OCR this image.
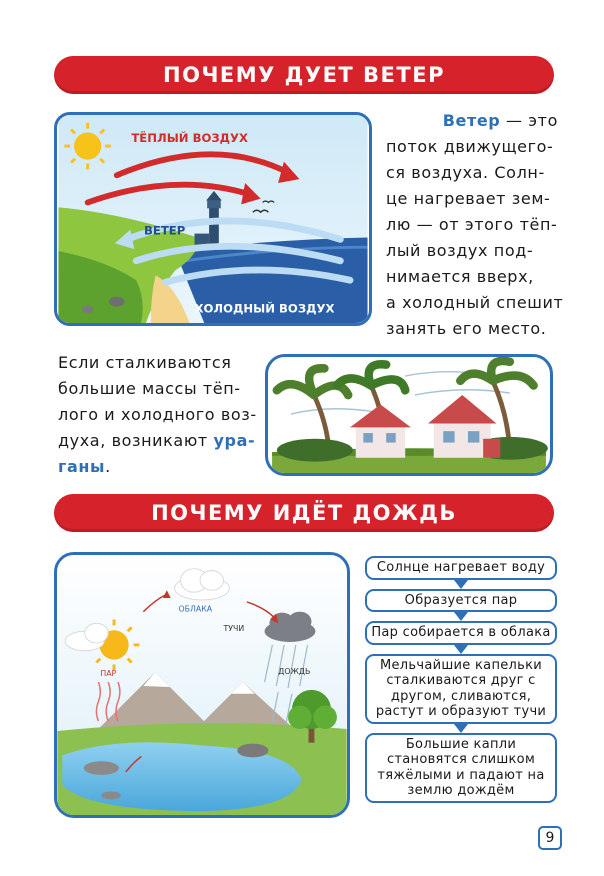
ПОЧЕМУ ДУЕТ ВЕТЕР
ТЁПЛЫЙ ВОЗДУХ
ВЕТЕР
ХОЛОДНЫЙ ВОЗДУХ
Ветер — это
поток движущего-
ся воздуха. Солн-
це нагревает зем-
лю — от этого тёп-
лый воздух под-
нимается вверх,
а холодный спешит
занять его место.
Если сталкиваются
большие массы тёп-
лого и холодного воз-
духа, возникают ура-
ганы.
ПОЧЕМУ ИДЁТ ДОЖДЬ
ОБЛАКА
ТУЧИ
ПАР	ДОЖДЬ
Солнце нагревает воду
Образуется пар
Пар собирается в облака
Мельчайшие капельки сталкиваются друг с другом, сливаются, растут и образуют тучи
Большие капли становятся слишком тяжёлыми и падают на землю дождём
9
